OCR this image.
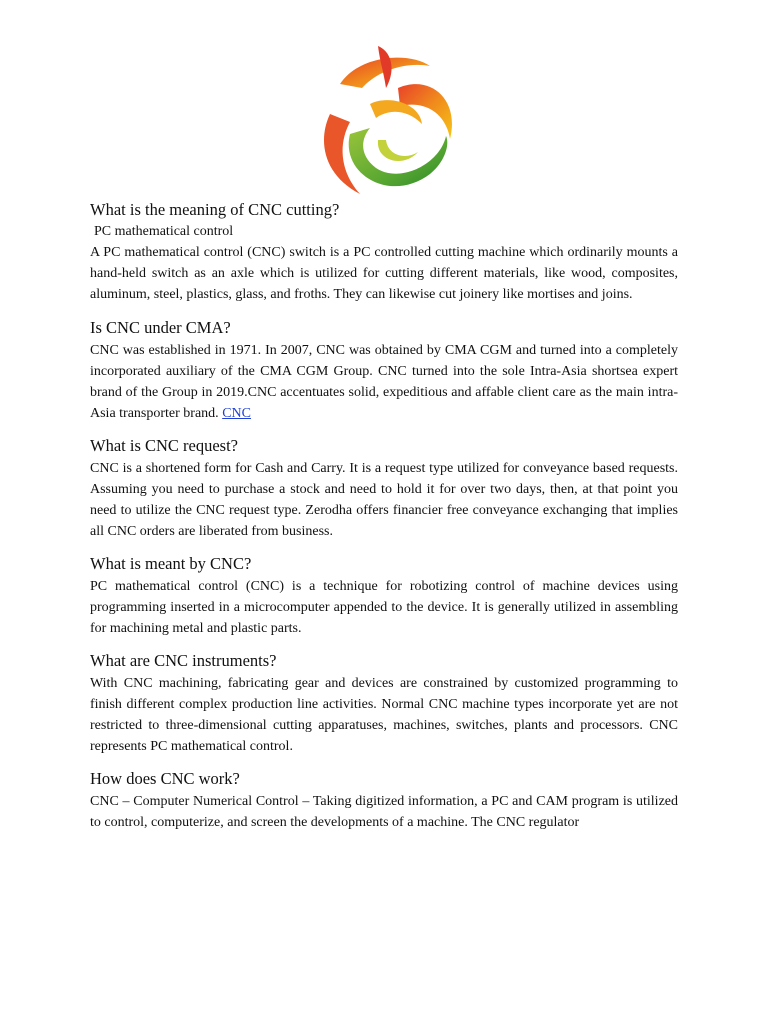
What is the meaning of CNC cutting?

PC mathematical control

A PC mathematical control (CNC) switch is a PC controlled cutting machine which ordinarily mounts a hand-held switch as an axle which is utilized for cutting different materials, like wood, composites, aluminum, steel, plastics, glass, and froths. They can likewise cut joinery like mortises and joins.

Is CNC under CMA?

CNC was established in 1971. In 2007, CNC was obtained by CMA CGM and turned into a completely incorporated auxiliary of the CMA CGM Group. CNC turned into the sole Intra-Asia shortsea expert brand of the Group in 2019.CNC accentuates solid, expeditious and affable client care as the main intra-Asia transporter brand. CNC

What is CNC request?

CNC is a shortened form for Cash and Carry. It is a request type utilized for conveyance based requests. Assuming you need to purchase a stock and need to hold it for over two days, then, at that point you need to utilize the CNC request type. Zerodha offers financier free conveyance exchanging that implies all CNC orders are liberated from business.

What is meant by CNC?

PC mathematical control (CNC) is a technique for robotizing control of machine devices using programming inserted in a microcomputer appended to the device. It is generally utilized in assembling for machining metal and plastic parts.

What are CNC instruments?

With CNC machining, fabricating gear and devices are constrained by customized programming to finish different complex production line activities. Normal CNC machine types incorporate yet are not restricted to three-dimensional cutting apparatuses, machines, switches, plants and processors. CNC represents PC mathematical control.

How does CNC work?

CNC – Computer Numerical Control – Taking digitized information, a PC and CAM program is utilized to control, computerize, and screen the developments of a machine. The CNC regulator
